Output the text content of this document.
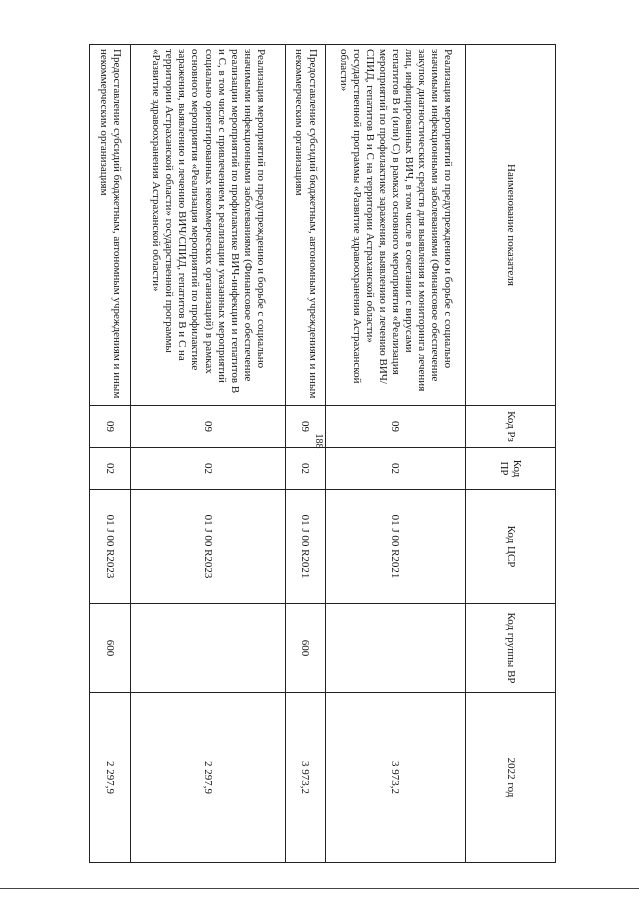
188
Наименование показателя	Код Рз	Код ПР	Код ЦСР	Код группы ВР	2022 год
Реализация мероприятий по предупреждению и борьбе с социально значимыми инфекционными заболеваниями (Финансовое обеспечение закупок диагностических средств для выявления и мониторинга лечения лиц, инфицированных ВИЧ, в том числе в сочетании с вирусами гепатитов В и (или) С) в рамках основного мероприятия «Реализация мероприятий по профилактике заражения, выявлению и лечению ВИЧ/СПИД, гепатитов В и С на территории Астраханской области» государственной программы «Развитие здравоохранения Астраханской области»	09	02	01 J 00 R2021		3 973,2
Предоставление субсидий бюджетным, автономным учреждениям и иным некоммерческим организациям	09	02	01 J 00 R2021	600	3 973,2
Реализация мероприятий по предупреждению и борьбе с социально значимыми инфекционными заболеваниями (Финансовое обеспечение реализации мероприятий по профилактике ВИЧ-инфекции и гепатитов В и С, в том числе с привлечением к реализации указанных мероприятий социально ориентированных некоммерческих организаций) в рамках основного мероприятия «Реализация мероприятий по профилактике заражения, выявлению и лечению ВИЧ/СПИД, гепатитов В и С на территории Астраханской области» государственной программы «Развитие здравоохранения Астраханской области»	09	02	01 J 00 R2023		2 297,9
Предоставление субсидий бюджетным, автономным учреждениям и иным некоммерческим организациям	09	02	01 J 00 R2023	600	2 297,9
